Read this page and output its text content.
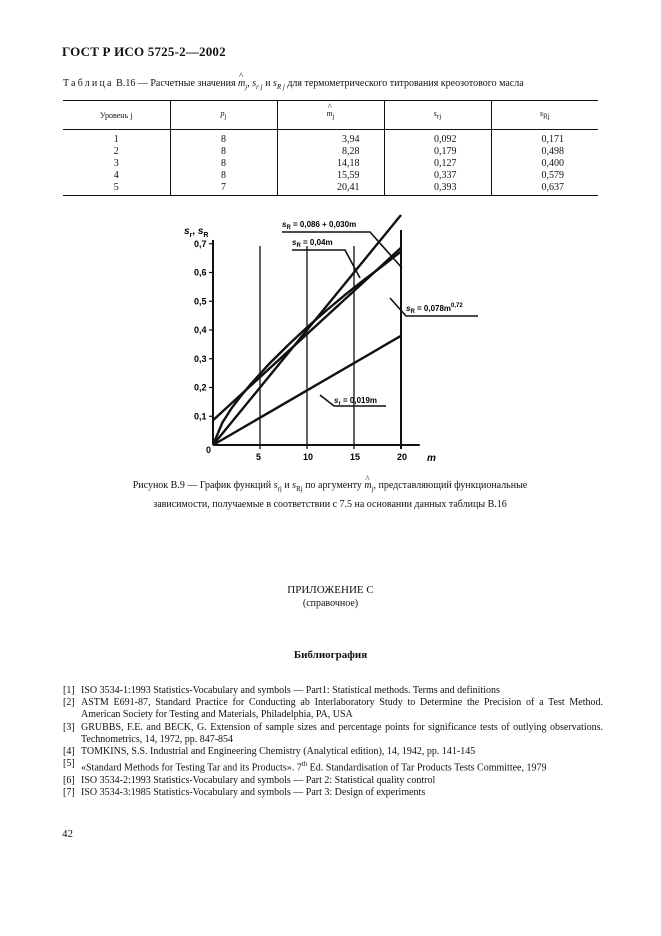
ГОСТ Р ИСО 5725-2—2002
Таблица В.16 — Расчетные значения ^ $m_j$, $s_{r j}$ и $s_{R j}$ для термометрического титрования креозотового масла
Уровень j	$p_j$	^ $m_j$	$s_{rj}$	$s_{Rj}$
1	8	3,94	0,092	0,171
2	8	8,28	0,179	0,498
3	8	14,18	0,127	0,400
4	8	15,59	0,337	0,579
5	7	20,41	0,393	0,637
5	10	15	20
0,1
0,2
0,3
0,4
0,5
0,6
0,7
$s_r$, $s_R$
m
0
$s_R = 0,086 + 0,030m$
$s_R = 0,04m$
$s_R = 0,078m^{0,72}$
$s_r = 0,019m$
Рисунок В.9 — График функций $s_{rj}$ и $s_{Rj}$ по аргументу ^ $m_j$, представляющий функциональные
зависимости, получаемые в соответствии с 7.5 на основании данных таблицы В.16
ПРИЛОЖЕНИЕ С
(справочное)
Библиография
[1] ISO 3534-1:1993 Statistics-Vocabulary and symbols — Part1: Statistical methods. Terms and definitions
[2] ASTM E691-87, Standard Practice for Conducting ab Interlaboratory Study to Determine the Precision of a Test Method. American Society for Testing and Materials, Philadelphia, PA, USA
[3] GRUBBS, F.E. and BECK, G. Extension of sample sizes and percentage points for significance tests of outlying observations. Technometrics, 14, 1972, pp. 847-854
[4] TOMKINS, S.S. Industrial and Engineering Chemistry (Analytical edition), 14, 1942, pp. 141-145
[5] «Standard Methods for Testing Tar and its Products». 7th Ed. Standardisation of Tar Products Tests Committee, 1979
[6] ISO 3534-2:1993 Statistics-Vocabulary and symbols — Part 2: Statistical quality control
[7] ISO 3534-3:1985 Statistics-Vocabulary and symbols — Part 3: Design of experiments
42
